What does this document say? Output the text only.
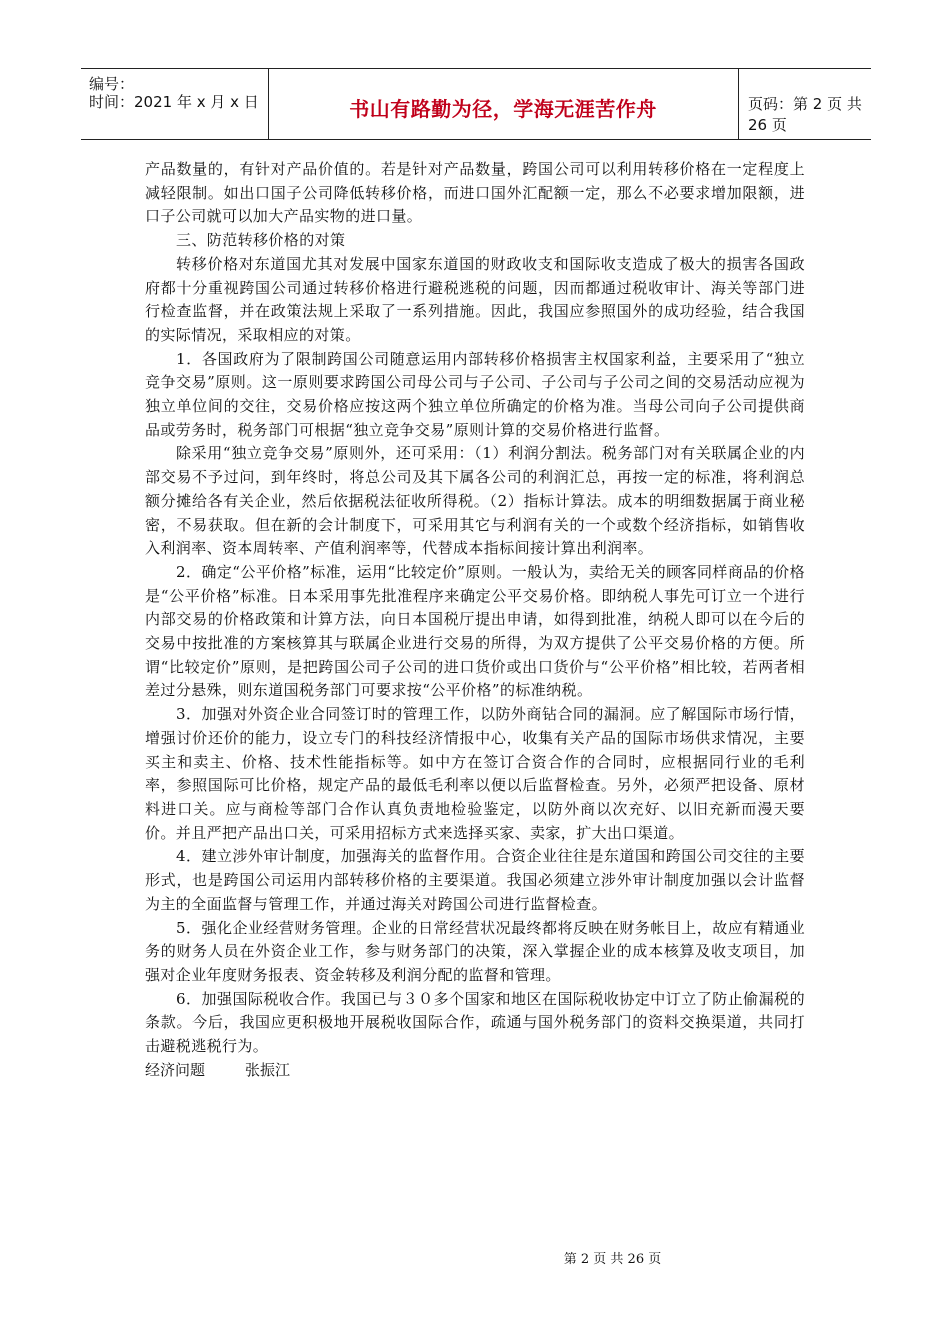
编号：
时间：2021 年 x 月 x 日	书山有路勤为径，学海无涯苦作舟	页码：第 2 页 共 26 页

产品数量的，有针对产品价值的。若是针对产品数量，跨国公司可以利用转移价格在一定程度上减轻限制。如出口国子公司降低转移价格，而进口国外汇配额一定，那么不必要求增加限额，进口子公司就可以加大产品实物的进口量。

三、防范转移价格的对策

转移价格对东道国尤其对发展中国家东道国的财政收支和国际收支造成了极大的损害各国政府都十分重视跨国公司通过转移价格进行避税逃税的问题，因而都通过税收审计、海关等部门进行检查监督，并在政策法规上采取了一系列措施。因此，我国应参照国外的成功经验，结合我国的实际情况，采取相应的对策。

1．各国政府为了限制跨国公司随意运用内部转移价格损害主权国家利益，主要采用了“独立竞争交易”原则。这一原则要求跨国公司母公司与子公司、子公司与子公司之间的交易活动应视为独立单位间的交往，交易价格应按这两个独立单位所确定的价格为准。当母公司向子公司提供商品或劳务时，税务部门可根据“独立竞争交易”原则计算的交易价格进行监督。

除采用“独立竞争交易”原则外，还可采用：（1）利润分割法。税务部门对有关联属企业的内部交易不予过问，到年终时，将总公司及其下属各公司的利润汇总，再按一定的标准，将利润总额分摊给各有关企业，然后依据税法征收所得税。（2）指标计算法。成本的明细数据属于商业秘密，不易获取。但在新的会计制度下，可采用其它与利润有关的一个或数个经济指标，如销售收入利润率、资本周转率、产值利润率等，代替成本指标间接计算出利润率。

2．确定“公平价格”标准，运用“比较定价”原则。一般认为，卖给无关的顾客同样商品的价格是“公平价格”标准。日本采用事先批准程序来确定公平交易价格。即纳税人事先可订立一个进行内部交易的价格政策和计算方法，向日本国税厅提出申请，如得到批准，纳税人即可以在今后的交易中按批准的方案核算其与联属企业进行交易的所得，为双方提供了公平交易价格的方便。所谓“比较定价”原则，是把跨国公司子公司的进口货价或出口货价与“公平价格”相比较，若两者相差过分悬殊，则东道国税务部门可要求按“公平价格”的标准纳税。

3．加强对外资企业合同签订时的管理工作，以防外商钻合同的漏洞。应了解国际市场行情，增强讨价还价的能力，设立专门的科技经济情报中心，收集有关产品的国际市场供求情况，主要买主和卖主、价格、技术性能指标等。如中方在签订合资合作的合同时，应根据同行业的毛利率，参照国际可比价格，规定产品的最低毛利率以便以后监督检查。另外，必须严把设备、原材料进口关。应与商检等部门合作认真负责地检验鉴定，以防外商以次充好、以旧充新而漫天要价。并且严把产品出口关，可采用招标方式来选择买家、卖家，扩大出口渠道。

4．建立涉外审计制度，加强海关的监督作用。合资企业往往是东道国和跨国公司交往的主要形式，也是跨国公司运用内部转移价格的主要渠道。我国必须建立涉外审计制度加强以会计监督为主的全面监督与管理工作，并通过海关对跨国公司进行监督检查。

5．强化企业经营财务管理。企业的日常经营状况最终都将反映在财务帐目上，故应有精通业务的财务人员在外资企业工作，参与财务部门的决策，深入掌握企业的成本核算及收支项目，加强对企业年度财务报表、资金转移及利润分配的监督和管理。

6．加强国际税收合作。我国已与３０多个国家和地区在国际税收协定中订立了防止偷漏税的条款。今后，我国应更积极地开展税收国际合作，疏通与国外税务部门的资料交换渠道，共同打击避税逃税行为。

经济问题	张振江

第 2 页 共 26 页
